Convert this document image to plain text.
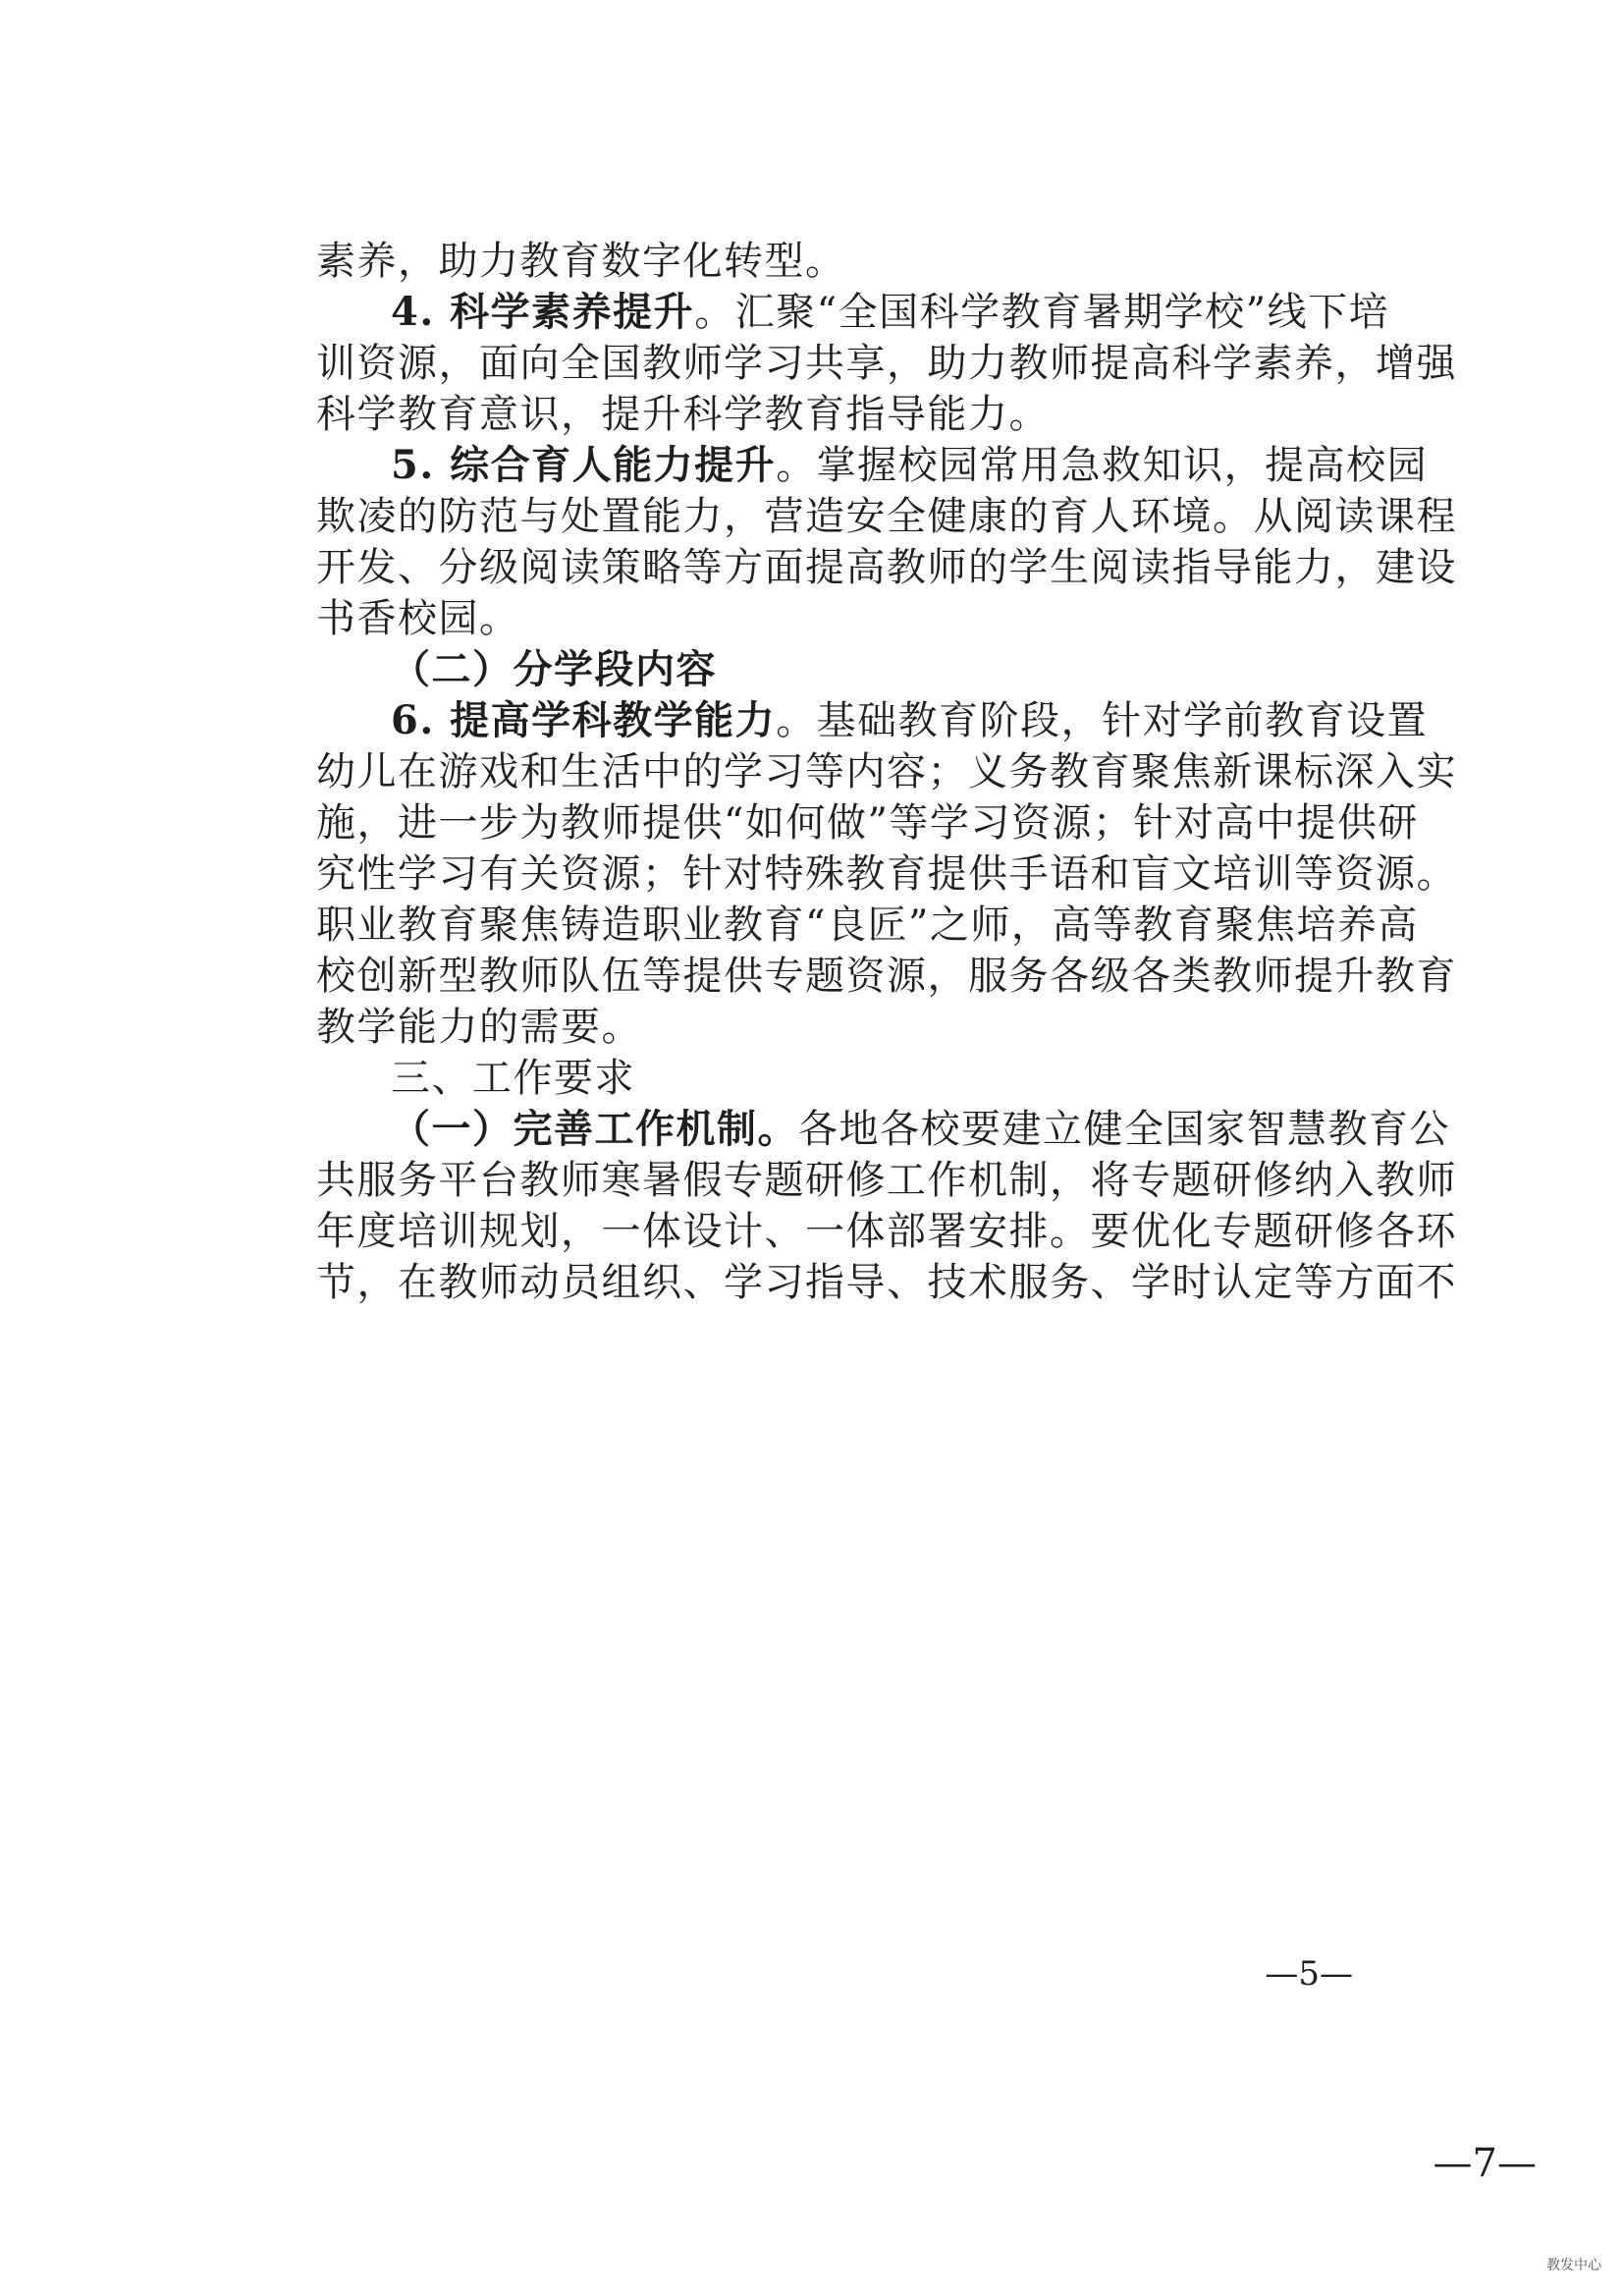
素养，助力教育数字化转型。
4. 科学素养提升。汇聚“全国科学教育暑期学校”线下培
训资源，面向全国教师学习共享，助力教师提高科学素养，增强
科学教育意识，提升科学教育指导能力。
5. 综合育人能力提升。掌握校园常用急救知识，提高校园
欺凌的防范与处置能力，营造安全健康的育人环境。从阅读课程
开发、分级阅读策略等方面提高教师的学生阅读指导能力，建设
书香校园。
（二）分学段内容
6. 提高学科教学能力。基础教育阶段，针对学前教育设置
幼儿在游戏和生活中的学习等内容；义务教育聚焦新课标深入实
施，进一步为教师提供“如何做”等学习资源；针对高中提供研
究性学习有关资源；针对特殊教育提供手语和盲文培训等资源。
职业教育聚焦铸造职业教育“良匠”之师，高等教育聚焦培养高
校创新型教师队伍等提供专题资源，服务各级各类教师提升教育
教学能力的需要。
三、工作要求
（一）完善工作机制。各地各校要建立健全国家智慧教育公
共服务平台教师寒暑假专题研修工作机制，将专题研修纳入教师
年度培训规划，一体设计、一体部署安排。要优化专题研修各环
节，在教师动员组织、学习指导、技术服务、学时认定等方面不
—5—
—7—
教发中心
